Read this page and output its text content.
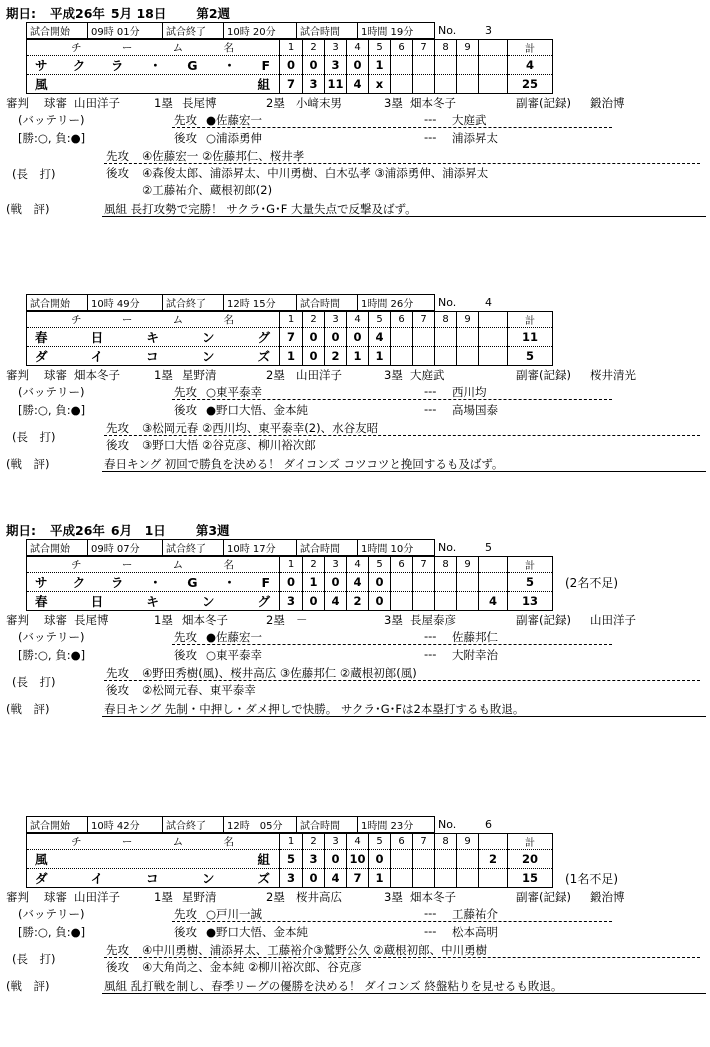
期日: 平成26年 5月 18日 第2週
期日: 平成26年 6月　1日 第3週
試合開始	09時 01分	試合終了	10時 20分	試合時間	1時間 19分	No.	3
チ ー ム 名	1	2	3	4	5	6	7	8	9		計	
サクラ・G・F	0	0	3	0	1						4	
風　組	7	3	11	4	x						25	
審判 球審 山田洋子	1塁 長尾博	2塁 小﨑末男	3塁 畑本冬子	副審(記録) 鍛治博
(バッテリー)	先攻 ●佐藤宏一	--- 大庭武
[勝:○, 負:●]	後攻 ○浦添勇伸	--- 浦添昇太
(長　打)
先攻 ④佐藤宏一 ②佐藤邦仁、桜井孝
後攻 ④森俊太郎、浦添昇太、中川勇樹、白木弘孝 ③浦添勇伸、浦添昇太
②工藤祐介、蔵根初郎(2)
(戦　評)	風組 長打攻勢で完勝！ サクラ･G･F 大量失点で反撃及ばず。
試合開始	10時 49分	試合終了	12時 15分	試合時間	1時間 26分	No.	4
チ ー ム 名	1	2	3	4	5	6	7	8	9		計	
春日キング	7	0	0	0	4						11	
ダイコンズ	1	0	2	1	1						5	
審判 球審 畑本冬子	1塁 星野清	2塁 山田洋子	3塁 大庭武	副審(記録) 桜井清光
(バッテリー)	先攻 ○東平泰幸	--- 西川均
[勝:○, 負:●]	後攻 ●野口大悟、金本純	--- 高場国泰
(長　打)
先攻 ③松岡元春 ②西川均、東平泰幸(2)、水谷友昭
後攻 ③野口大悟 ②谷克彦、柳川裕次郎
(戦　評)	春日キング 初回で勝負を決める！ ダイコンズ コツコツと挽回するも及ばず。
試合開始	09時 07分	試合終了	10時 17分	試合時間	1時間 10分	No.	5
チ ー ム 名	1	2	3	4	5	6	7	8	9		計	
サクラ・G・F	0	1	0	4	0						5	(2名不足)
春日キング	3	0	4	2	0					4	13	
審判 球審 長尾博	1塁 畑本冬子	2塁 －	3塁 長屋泰彦	副審(記録) 山田洋子
(バッテリー)	先攻 ●佐藤宏一	--- 佐藤邦仁
[勝:○, 負:●]	後攻 ○東平泰幸	--- 大附幸治
(長　打)
先攻 ④野田秀樹(風)、桜井高広 ③佐藤邦仁 ②蔵根初郎(風)
後攻 ②松岡元春、東平泰幸
(戦　評)	春日キング 先制・中押し・ダメ押しで快勝。 サクラ･G･Fは2本塁打するも敗退。
試合開始	10時 42分	試合終了	12時　05分	試合時間	1時間 23分	No.	6
チ ー ム 名	1	2	3	4	5	6	7	8	9		計	
風　組	5	3	0	10	0					2	20	
ダイコンズ	3	0	4	7	1						15	(1名不足)
審判 球審 山田洋子	1塁 星野清	2塁 桜井高広	3塁 畑本冬子	副審(記録) 鍛治博
(バッテリー)	先攻 ○戸川一誠	--- 工藤祐介
[勝:○, 負:●]	後攻 ●野口大悟、金本純	--- 松本高明
(長　打)
先攻 ④中川勇樹、浦添昇太、工藤裕介③鷲野公久 ②蔵根初郎、中川勇樹
後攻 ④大角尚之、金本純 ②柳川裕次郎、谷克彦
(戦　評)	風組 乱打戦を制し、春季リーグの優勝を決める！ ダイコンズ 終盤粘りを見せるも敗退。
